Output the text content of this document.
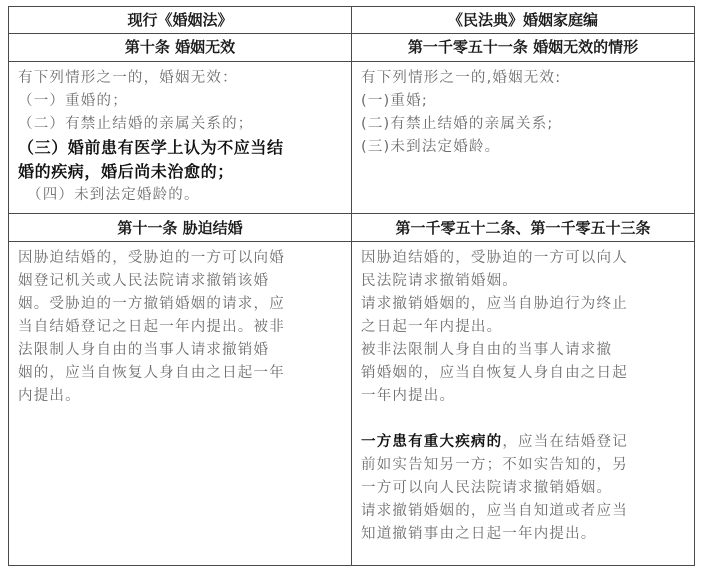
现行《婚姻法》
第十条 婚姻无效
有下列情形之一的，婚姻无效：
（一）重婚的；
（二）有禁止结婚的亲属关系的；
（三）婚前患有医学上认为不应当结
婚的疾病，婚后尚未治愈的；
（四）未到法定婚龄的。
第十一条 胁迫结婚
因胁迫结婚的，受胁迫的一方可以向婚
姻登记机关或人民法院请求撤销该婚
姻。受胁迫的一方撤销婚姻的请求，应
当自结婚登记之日起一年内提出。被非
法限制人身自由的当事人请求撤销婚
姻的，应当自恢复人身自由之日起一年
内提出。
《民法典》婚姻家庭编
第一千零五十一条 婚姻无效的情形
有下列情形之一的,婚姻无效:
(一)重婚;
(二)有禁止结婚的亲属关系;
(三)未到法定婚龄。
第一千零五十二条、第一千零五十三条
因胁迫结婚的，受胁迫的一方可以向人
民法院请求撤销婚姻。
请求撤销婚姻的，应当自胁迫行为终止
之日起一年内提出。
被非法限制人身自由的当事人请求撤
销婚姻的，应当自恢复人身自由之日起
一年内提出。
一方患有重大疾病的，应当在结婚登记
前如实告知另一方；不如实告知的，另
一方可以向人民法院请求撤销婚姻。
请求撤销婚姻的，应当自知道或者应当
知道撤销事由之日起一年内提出。
